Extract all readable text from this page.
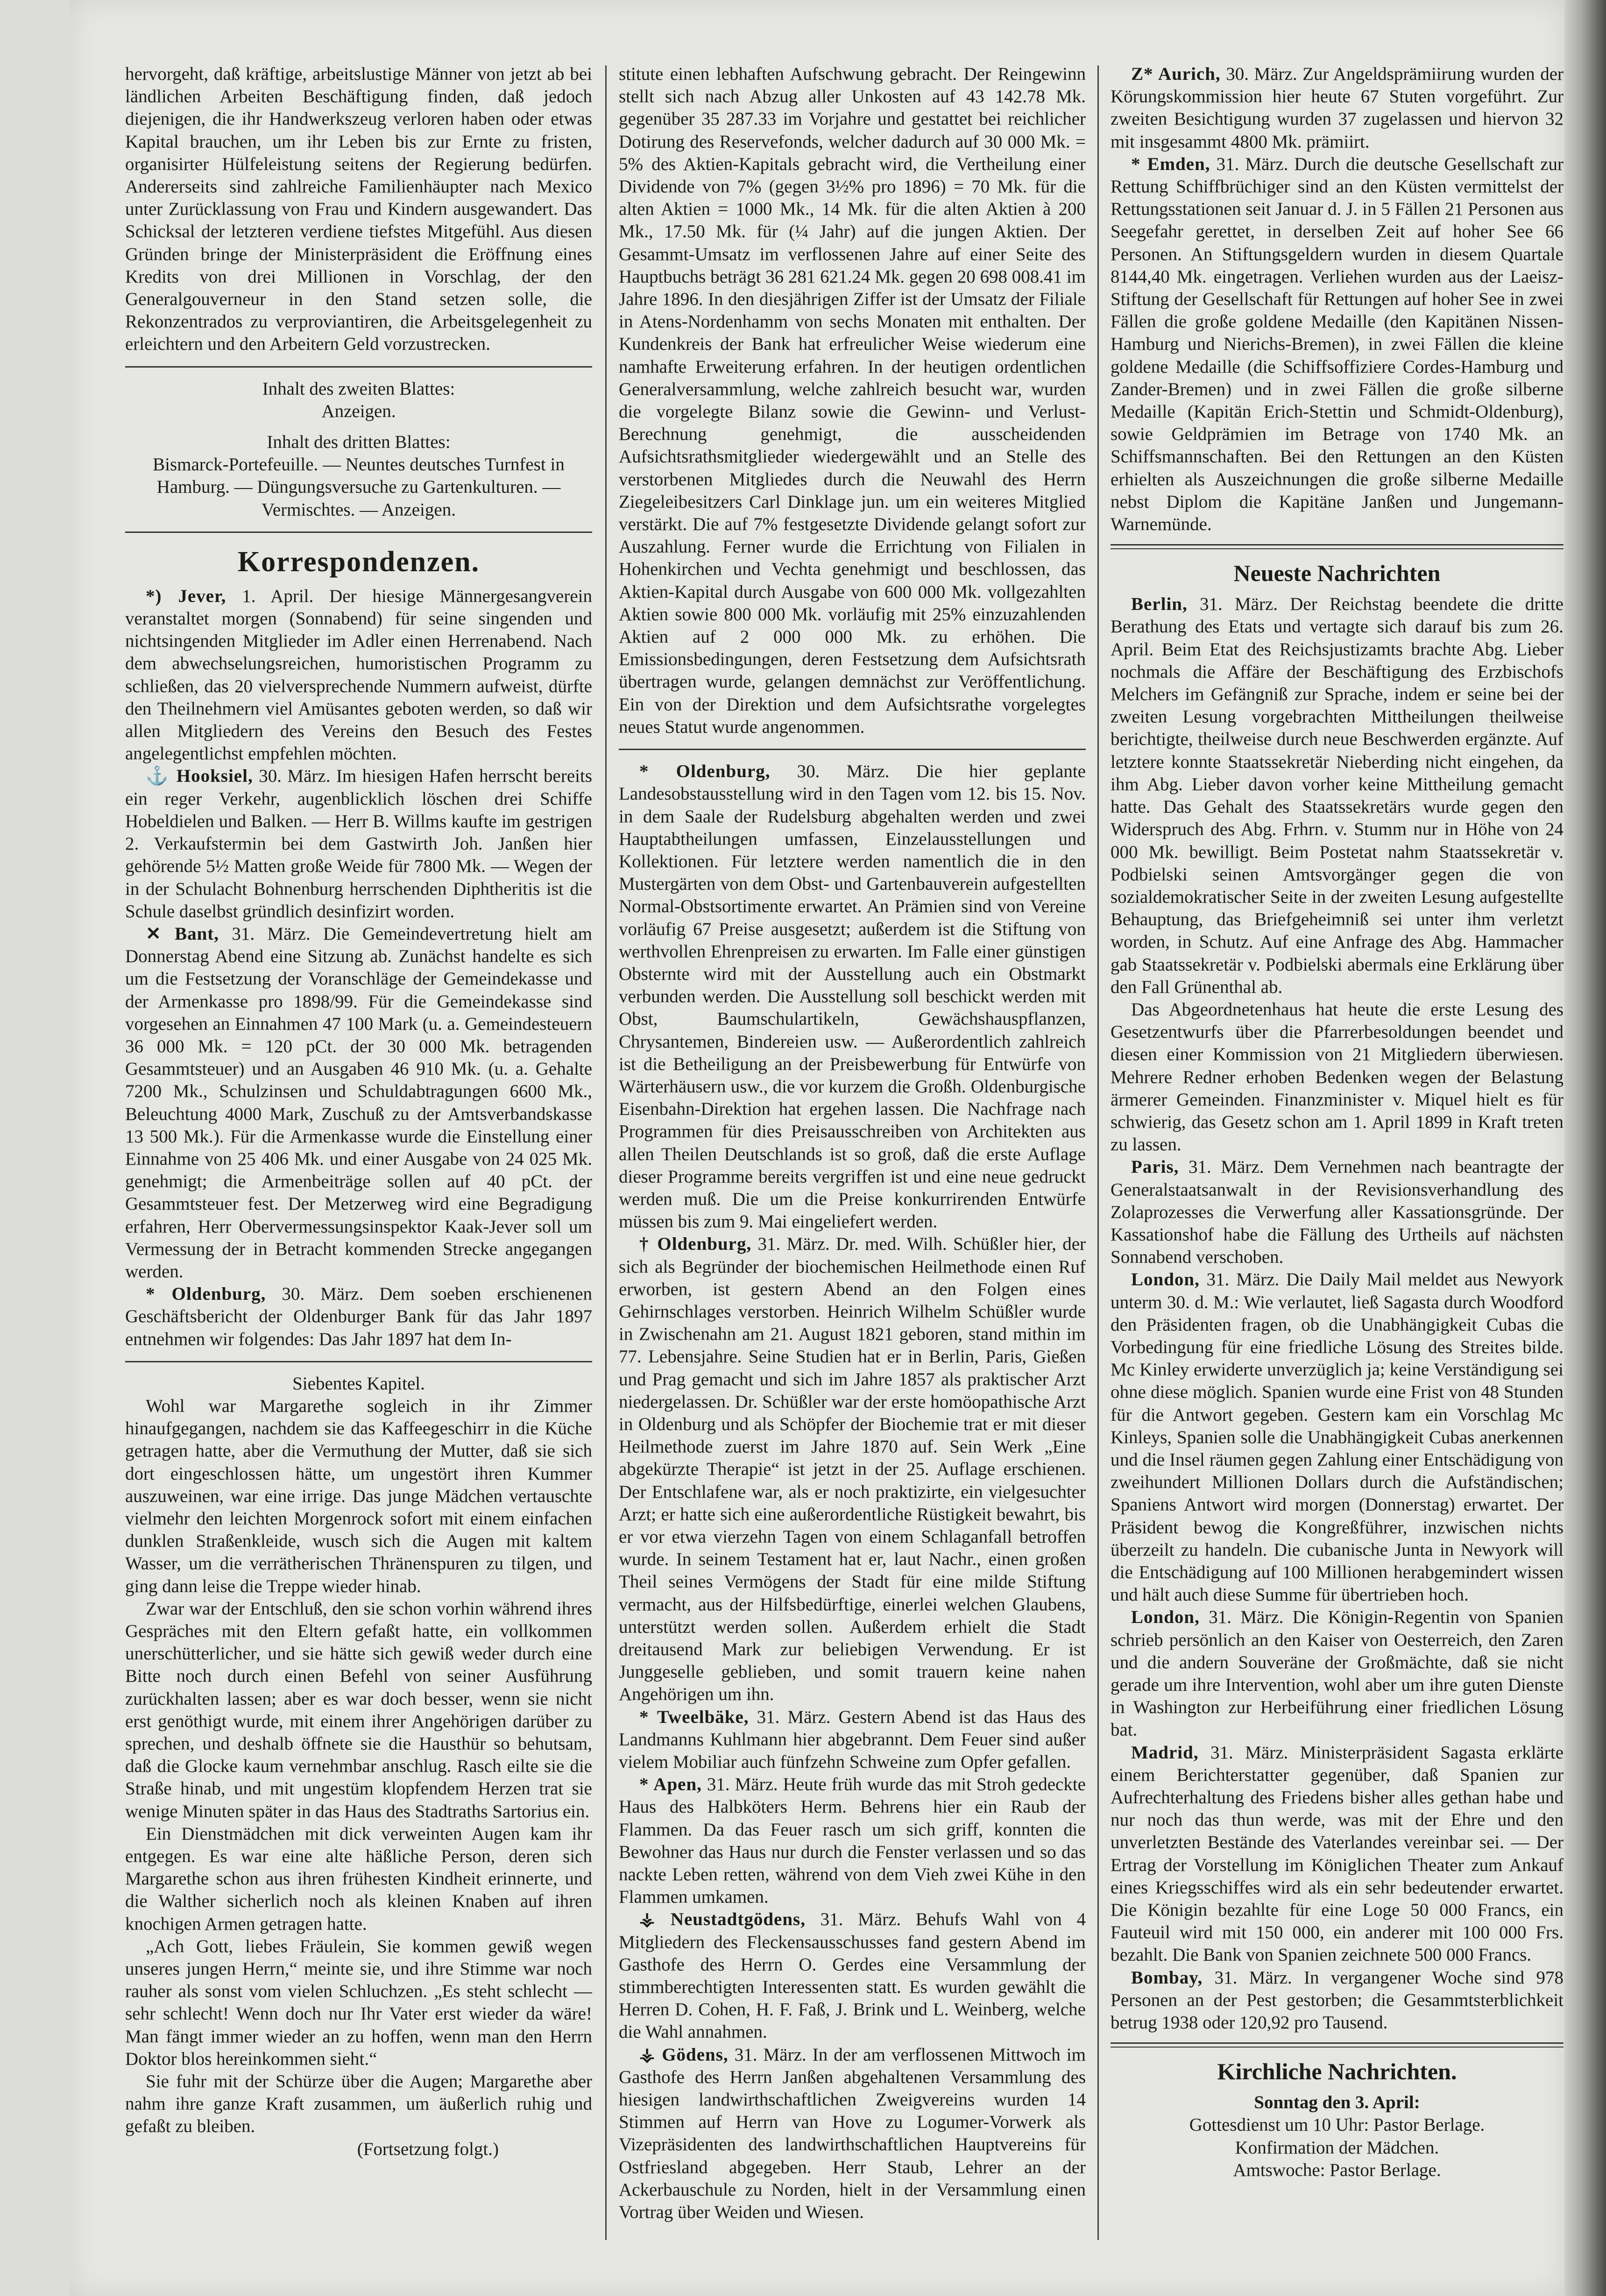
hervorgeht, daß kräftige, arbeitslustige Männer von jetzt ab bei ländlichen Arbeiten Beschäftigung finden, daß jedoch diejenigen, die ihr Handwerkszeug verloren haben oder etwas Kapital brauchen, um ihr Leben bis zur Ernte zu fristen, organisirter Hülfeleistung seitens der Regierung bedürfen. Andererseits sind zahlreiche Familienhäupter nach Mexico unter Zurücklassung von Frau und Kindern ausgewandert. Das Schicksal der letzteren verdiene tiefstes Mitgefühl. Aus diesen Gründen bringe der Ministerpräsident die Eröffnung eines Kredits von drei Millionen in Vorschlag, der den Generalgouverneur in den Stand setzen solle, die Rekonzentrados zu verproviantiren, die Arbeitsgelegenheit zu erleichtern und den Arbeitern Geld vorzustrecken.

Inhalt des zweiten Blattes:

Anzeigen.

Inhalt des dritten Blattes:

Bismarck-Portefeuille. — Neuntes deutsches Turnfest in Hamburg. — Düngungsversuche zu Gartenkulturen. — Vermischtes. — Anzeigen.

Korrespondenzen.

*) Jever, 1. April. Der hiesige Männergesangverein veranstaltet morgen (Sonnabend) für seine singenden und nichtsingenden Mitglieder im Adler einen Herrenabend. Nach dem abwechselungsreichen, humoristischen Programm zu schließen, das 20 vielversprechende Nummern aufweist, dürfte den Theilnehmern viel Amüsantes geboten werden, so daß wir allen Mitgliedern des Vereins den Besuch des Festes angelegentlichst empfehlen möchten.

⚓ Hooksiel, 30. März. Im hiesigen Hafen herrscht bereits ein reger Verkehr, augenblicklich löschen drei Schiffe Hobeldielen und Balken. — Herr B. Willms kaufte im gestrigen 2. Verkaufstermin bei dem Gastwirth Joh. Janßen hier gehörende 5½ Matten große Weide für 7800 Mk. — Wegen der in der Schulacht Bohnenburg herrschenden Diphtheritis ist die Schule daselbst gründlich desinfizirt worden.

✕ Bant, 31. März. Die Gemeindevertretung hielt am Donnerstag Abend eine Sitzung ab. Zunächst handelte es sich um die Festsetzung der Voranschläge der Gemeindekasse und der Armenkasse pro 1898/99. Für die Gemeindekasse sind vorgesehen an Einnahmen 47 100 Mark (u. a. Gemeindesteuern 36 000 Mk. = 120 pCt. der 30 000 Mk. betragenden Gesammtsteuer) und an Ausgaben 46 910 Mk. (u. a. Gehalte 7200 Mk., Schulzinsen und Schuldabtragungen 6600 Mk., Beleuchtung 4000 Mark, Zuschuß zu der Amtsverbandskasse 13 500 Mk.). Für die Armenkasse wurde die Einstellung einer Einnahme von 25 406 Mk. und einer Ausgabe von 24 025 Mk. genehmigt; die Armenbeiträge sollen auf 40 pCt. der Gesammtsteuer fest. Der Metzerweg wird eine Begradigung erfahren, Herr Obervermessungsinspektor Kaak-Jever soll um Vermessung der in Betracht kommenden Strecke angegangen werden.

* Oldenburg, 30. März. Dem soeben erschienenen Geschäftsbericht der Oldenburger Bank für das Jahr 1897 entnehmen wir folgendes: Das Jahr 1897 hat dem In-

Siebentes Kapitel.

Wohl war Margarethe sogleich in ihr Zimmer hinaufgegangen, nachdem sie das Kaffeegeschirr in die Küche getragen hatte, aber die Vermuthung der Mutter, daß sie sich dort eingeschlossen hätte, um ungestört ihren Kummer auszuweinen, war eine irrige. Das junge Mädchen vertauschte vielmehr den leichten Morgenrock sofort mit einem einfachen dunklen Straßenkleide, wusch sich die Augen mit kaltem Wasser, um die verrätherischen Thränenspuren zu tilgen, und ging dann leise die Treppe wieder hinab.

Zwar war der Entschluß, den sie schon vorhin während ihres Gespräches mit den Eltern gefaßt hatte, ein vollkommen unerschütterlicher, und sie hätte sich gewiß weder durch eine Bitte noch durch einen Befehl von seiner Ausführung zurückhalten lassen; aber es war doch besser, wenn sie nicht erst genöthigt wurde, mit einem ihrer Angehörigen darüber zu sprechen, und deshalb öffnete sie die Hausthür so behutsam, daß die Glocke kaum vernehmbar anschlug. Rasch eilte sie die Straße hinab, und mit ungestüm klopfendem Herzen trat sie wenige Minuten später in das Haus des Stadtraths Sartorius ein.

Ein Dienstmädchen mit dick verweinten Augen kam ihr entgegen. Es war eine alte häßliche Person, deren sich Margarethe schon aus ihren frühesten Kindheit erinnerte, und die Walther sicherlich noch als kleinen Knaben auf ihren knochigen Armen getragen hatte.

„Ach Gott, liebes Fräulein, Sie kommen gewiß wegen unseres jungen Herrn,“ meinte sie, und ihre Stimme war noch rauher als sonst vom vielen Schluchzen. „Es steht schlecht — sehr schlecht! Wenn doch nur Ihr Vater erst wieder da wäre! Man fängt immer wieder an zu hoffen, wenn man den Herrn Doktor blos hereinkommen sieht.“

Sie fuhr mit der Schürze über die Augen; Margarethe aber nahm ihre ganze Kraft zusammen, um äußerlich ruhig und gefaßt zu bleiben.

(Fortsetzung folgt.)

stitute einen lebhaften Aufschwung gebracht. Der Reingewinn stellt sich nach Abzug aller Unkosten auf 43 142.78 Mk. gegenüber 35 287.33 im Vorjahre und gestattet bei reichlicher Dotirung des Reservefonds, welcher dadurch auf 30 000 Mk. = 5% des Aktien-Kapitals gebracht wird, die Vertheilung einer Dividende von 7% (gegen 3½% pro 1896) = 70 Mk. für die alten Aktien = 1000 Mk., 14 Mk. für die alten Aktien à 200 Mk., 17.50 Mk. für (¼ Jahr) auf die jungen Aktien. Der Gesammt-Umsatz im verflossenen Jahre auf einer Seite des Hauptbuchs beträgt 36 281 621.24 Mk. gegen 20 698 008.41 im Jahre 1896. In den diesjährigen Ziffer ist der Umsatz der Filiale in Atens-Nordenhamm von sechs Monaten mit enthalten. Der Kundenkreis der Bank hat erfreulicher Weise wiederum eine namhafte Erweiterung erfahren. In der heutigen ordentlichen Generalversammlung, welche zahlreich besucht war, wurden die vorgelegte Bilanz sowie die Gewinn- und Verlust-Berechnung genehmigt, die ausscheidenden Aufsichtsrathsmitglieder wiedergewählt und an Stelle des verstorbenen Mitgliedes durch die Neuwahl des Herrn Ziegeleibesitzers Carl Dinklage jun. um ein weiteres Mitglied verstärkt. Die auf 7% festgesetzte Dividende gelangt sofort zur Auszahlung. Ferner wurde die Errichtung von Filialen in Hohenkirchen und Vechta genehmigt und beschlossen, das Aktien-Kapital durch Ausgabe von 600 000 Mk. vollgezahlten Aktien sowie 800 000 Mk. vorläufig mit 25% einzuzahlenden Aktien auf 2 000 000 Mk. zu erhöhen. Die Emissionsbedingungen, deren Festsetzung dem Aufsichtsrath übertragen wurde, gelangen demnächst zur Veröffentlichung. Ein von der Direktion und dem Aufsichtsrathe vorgelegtes neues Statut wurde angenommen.

* Oldenburg, 30. März. Die hier geplante Landesobstausstellung wird in den Tagen vom 12. bis 15. Nov. in dem Saale der Rudelsburg abgehalten werden und zwei Hauptabtheilungen umfassen, Einzelausstellungen und Kollektionen. Für letztere werden namentlich die in den Mustergärten von dem Obst- und Gartenbauverein aufgestellten Normal-Obstsortimente erwartet. An Prämien sind von Vereine vorläufig 67 Preise ausgesetzt; außerdem ist die Stiftung von werthvollen Ehrenpreisen zu erwarten. Im Falle einer günstigen Obsternte wird mit der Ausstellung auch ein Obstmarkt verbunden werden. Die Ausstellung soll beschickt werden mit Obst, Baumschulartikeln, Gewächshauspflanzen, Chrysantemen, Bindereien usw. — Außerordentlich zahlreich ist die Betheiligung an der Preisbewerbung für Entwürfe von Wärterhäusern usw., die vor kurzem die Großh. Oldenburgische Eisenbahn-Direktion hat ergehen lassen. Die Nachfrage nach Programmen für dies Preisausschreiben von Architekten aus allen Theilen Deutschlands ist so groß, daß die erste Auflage dieser Programme bereits vergriffen ist und eine neue gedruckt werden muß. Die um die Preise konkurrirenden Entwürfe müssen bis zum 9. Mai eingeliefert werden.

† Oldenburg, 31. März. Dr. med. Wilh. Schüßler hier, der sich als Begründer der biochemischen Heilmethode einen Ruf erworben, ist gestern Abend an den Folgen eines Gehirnschlages verstorben. Heinrich Wilhelm Schüßler wurde in Zwischenahn am 21. August 1821 geboren, stand mithin im 77. Lebensjahre. Seine Studien hat er in Berlin, Paris, Gießen und Prag gemacht und sich im Jahre 1857 als praktischer Arzt niedergelassen. Dr. Schüßler war der erste homöopathische Arzt in Oldenburg und als Schöpfer der Biochemie trat er mit dieser Heilmethode zuerst im Jahre 1870 auf. Sein Werk „Eine abgekürzte Therapie“ ist jetzt in der 25. Auflage erschienen. Der Entschlafene war, als er noch praktizirte, ein vielgesuchter Arzt; er hatte sich eine außerordentliche Rüstigkeit bewahrt, bis er vor etwa vierzehn Tagen von einem Schlaganfall betroffen wurde. In seinem Testament hat er, laut Nachr., einen großen Theil seines Vermögens der Stadt für eine milde Stiftung vermacht, aus der Hilfsbedürftige, einerlei welchen Glaubens, unterstützt werden sollen. Außerdem erhielt die Stadt dreitausend Mark zur beliebigen Verwendung. Er ist Junggeselle geblieben, und somit trauern keine nahen Angehörigen um ihn.

* Tweelbäke, 31. März. Gestern Abend ist das Haus des Landmanns Kuhlmann hier abgebrannt. Dem Feuer sind außer vielem Mobiliar auch fünfzehn Schweine zum Opfer gefallen.

* Apen, 31. März. Heute früh wurde das mit Stroh gedeckte Haus des Halbköters Herm. Behrens hier ein Raub der Flammen. Da das Feuer rasch um sich griff, konnten die Bewohner das Haus nur durch die Fenster verlassen und so das nackte Leben retten, während von dem Vieh zwei Kühe in den Flammen umkamen.

⚶ Neustadtgödens, 31. März. Behufs Wahl von 4 Mitgliedern des Fleckensausschusses fand gestern Abend im Gasthofe des Herrn O. Gerdes eine Versammlung der stimmberechtigten Interessenten statt. Es wurden gewählt die Herren D. Cohen, H. F. Faß, J. Brink und L. Weinberg, welche die Wahl annahmen.

⚶ Gödens, 31. März. In der am verflossenen Mittwoch im Gasthofe des Herrn Janßen abgehaltenen Versammlung des hiesigen landwirthschaftlichen Zweigvereins wurden 14 Stimmen auf Herrn van Hove zu Logumer-Vorwerk als Vizepräsidenten des landwirthschaftlichen Hauptvereins für Ostfriesland abgegeben. Herr Staub, Lehrer an der Ackerbauschule zu Norden, hielt in der Versammlung einen Vortrag über Weiden und Wiesen.

Z* Aurich, 30. März. Zur Angeldsprämiirung wurden der Körungskommission hier heute 67 Stuten vorgeführt. Zur zweiten Besichtigung wurden 37 zugelassen und hiervon 32 mit insgesammt 4800 Mk. prämiirt.

* Emden, 31. März. Durch die deutsche Gesellschaft zur Rettung Schiffbrüchiger sind an den Küsten vermittelst der Rettungsstationen seit Januar d. J. in 5 Fällen 21 Personen aus Seegefahr gerettet, in derselben Zeit auf hoher See 66 Personen. An Stiftungsgeldern wurden in diesem Quartale 8144,40 Mk. eingetragen. Verliehen wurden aus der Laeisz-Stiftung der Gesellschaft für Rettungen auf hoher See in zwei Fällen die große goldene Medaille (den Kapitänen Nissen-Hamburg und Nierichs-Bremen), in zwei Fällen die kleine goldene Medaille (die Schiffsoffiziere Cordes-Hamburg und Zander-Bremen) und in zwei Fällen die große silberne Medaille (Kapitän Erich-Stettin und Schmidt-Oldenburg), sowie Geldprämien im Betrage von 1740 Mk. an Schiffsmannschaften. Bei den Rettungen an den Küsten erhielten als Auszeichnungen die große silberne Medaille nebst Diplom die Kapitäne Janßen und Jungemann-Warnemünde.

Neueste Nachrichten

Berlin, 31. März. Der Reichstag beendete die dritte Berathung des Etats und vertagte sich darauf bis zum 26. April. Beim Etat des Reichsjustizamts brachte Abg. Lieber nochmals die Affäre der Beschäftigung des Erzbischofs Melchers im Gefängniß zur Sprache, indem er seine bei der zweiten Lesung vorgebrachten Mittheilungen theilweise berichtigte, theilweise durch neue Beschwerden ergänzte. Auf letztere konnte Staatssekretär Nieberding nicht eingehen, da ihm Abg. Lieber davon vorher keine Mittheilung gemacht hatte. Das Gehalt des Staatssekretärs wurde gegen den Widerspruch des Abg. Frhrn. v. Stumm nur in Höhe von 24 000 Mk. bewilligt. Beim Postetat nahm Staatssekretär v. Podbielski seinen Amtsvorgänger gegen die von sozialdemokratischer Seite in der zweiten Lesung aufgestellte Behauptung, das Briefgeheimniß sei unter ihm verletzt worden, in Schutz. Auf eine Anfrage des Abg. Hammacher gab Staatssekretär v. Podbielski abermals eine Erklärung über den Fall Grünenthal ab.

Das Abgeordnetenhaus hat heute die erste Lesung des Gesetzentwurfs über die Pfarrerbesoldungen beendet und diesen einer Kommission von 21 Mitgliedern überwiesen. Mehrere Redner erhoben Bedenken wegen der Belastung ärmerer Gemeinden. Finanzminister v. Miquel hielt es für schwierig, das Gesetz schon am 1. April 1899 in Kraft treten zu lassen.

Paris, 31. März. Dem Vernehmen nach beantragte der Generalstaatsanwalt in der Revisionsverhandlung des Zolaprozesses die Verwerfung aller Kassationsgründe. Der Kassationshof habe die Fällung des Urtheils auf nächsten Sonnabend verschoben.

London, 31. März. Die Daily Mail meldet aus Newyork unterm 30. d. M.: Wie verlautet, ließ Sagasta durch Woodford den Präsidenten fragen, ob die Unabhängigkeit Cubas die Vorbedingung für eine friedliche Lösung des Streites bilde. Mc Kinley erwiderte unverzüglich ja; keine Verständigung sei ohne diese möglich. Spanien wurde eine Frist von 48 Stunden für die Antwort gegeben. Gestern kam ein Vorschlag Mc Kinleys, Spanien solle die Unabhängigkeit Cubas anerkennen und die Insel räumen gegen Zahlung einer Entschädigung von zweihundert Millionen Dollars durch die Aufständischen; Spaniens Antwort wird morgen (Donnerstag) erwartet. Der Präsident bewog die Kongreßführer, inzwischen nichts überzeilt zu handeln. Die cubanische Junta in Newyork will die Entschädigung auf 100 Millionen herabgemindert wissen und hält auch diese Summe für übertrieben hoch.

London, 31. März. Die Königin-Regentin von Spanien schrieb persönlich an den Kaiser von Oesterreich, den Zaren und die andern Souveräne der Großmächte, daß sie nicht gerade um ihre Intervention, wohl aber um ihre guten Dienste in Washington zur Herbeiführung einer friedlichen Lösung bat.

Madrid, 31. März. Ministerpräsident Sagasta erklärte einem Berichterstatter gegenüber, daß Spanien zur Aufrechterhaltung des Friedens bisher alles gethan habe und nur noch das thun werde, was mit der Ehre und den unverletzten Bestände des Vaterlandes vereinbar sei. — Der Ertrag der Vorstellung im Königlichen Theater zum Ankauf eines Kriegsschiffes wird als ein sehr bedeutender erwartet. Die Königin bezahlte für eine Loge 50 000 Francs, ein Fauteuil wird mit 150 000, ein anderer mit 100 000 Frs. bezahlt. Die Bank von Spanien zeichnete 500 000 Francs.

Bombay, 31. März. In vergangener Woche sind 978 Personen an der Pest gestorben; die Gesammtsterblichkeit betrug 1938 oder 120,92 pro Tausend.

Kirchliche Nachrichten.

Sonntag den 3. April:

Gottesdienst um 10 Uhr: Pastor Berlage.

Konfirmation der Mädchen.

Amtswoche: Pastor Berlage.
